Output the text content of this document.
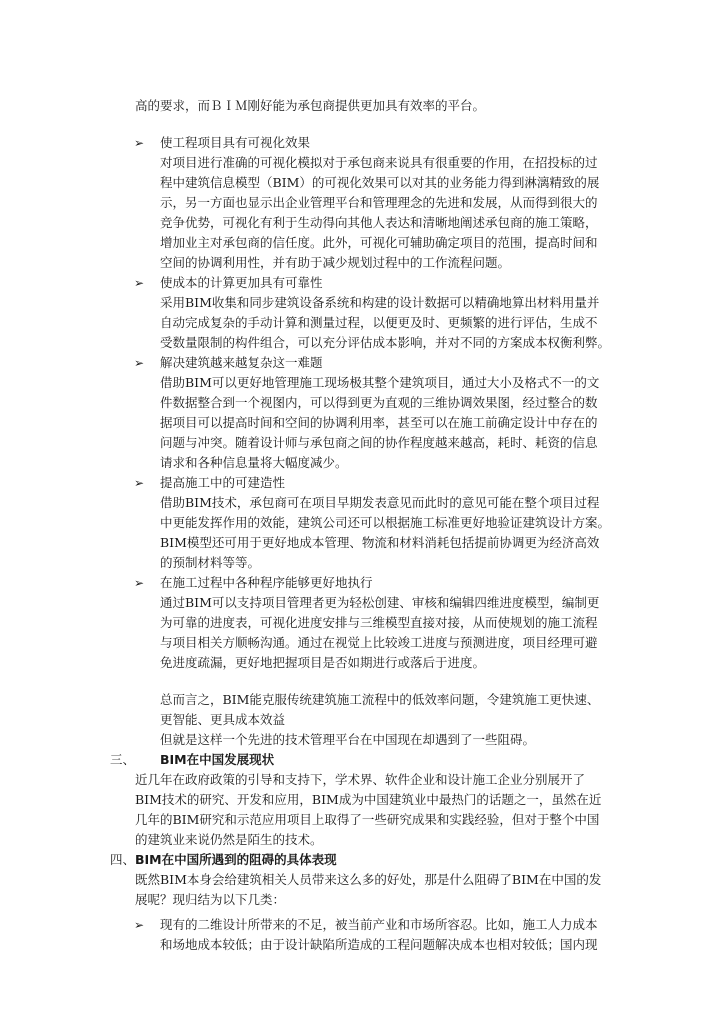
高的要求，而ＢＩＭ刚好能为承包商提供更加具有效率的平台。
➢	使工程项目具有可视化效果
对项目进行准确的可视化模拟对于承包商来说具有很重要的作用，在招投标的过
程中建筑信息模型（BIM）的可视化效果可以对其的业务能力得到淋漓精致的展
示，另一方面也显示出企业管理平台和管理理念的先进和发展，从而得到很大的
竞争优势，可视化有利于生动得向其他人表达和清晰地阐述承包商的施工策略，
增加业主对承包商的信任度。此外，可视化可辅助确定项目的范围，提高时间和
空间的协调利用性，并有助于减少规划过程中的工作流程问题。
➢	使成本的计算更加具有可靠性
采用BIM收集和同步建筑设备系统和构建的设计数据可以精确地算出材料用量并
自动完成复杂的手动计算和测量过程，以便更及时、更频繁的进行评估，生成不
受数量限制的构件组合，可以充分评估成本影响，并对不同的方案成本权衡利弊。
➢	解决建筑越来越复杂这一难题
借助BIM可以更好地管理施工现场极其整个建筑项目，通过大小及格式不一的文
件数据整合到一个视图内，可以得到更为直观的三维协调效果图，经过整合的数
据项目可以提高时间和空间的协调利用率，甚至可以在施工前确定设计中存在的
问题与冲突。随着设计师与承包商之间的协作程度越来越高，耗时、耗资的信息
请求和各种信息量将大幅度减少。
➢	提高施工中的可建造性
借助BIM技术，承包商可在项目早期发表意见而此时的意见可能在整个项目过程
中更能发挥作用的效能，建筑公司还可以根据施工标准更好地验证建筑设计方案。
BIM模型还可用于更好地成本管理、物流和材料消耗包括提前协调更为经济高效
的预制材料等等。
➢	在施工过程中各种程序能够更好地执行
通过BIM可以支持项目管理者更为轻松创建、审核和编辑四维进度模型，编制更
为可靠的进度表，可视化进度安排与三维模型直接对接，从而使规划的施工流程
与项目相关方顺畅沟通。通过在视觉上比较竣工进度与预测进度，项目经理可避
免进度疏漏，更好地把握项目是否如期进行或落后于进度。
总而言之，BIM能克服传统建筑施工流程中的低效率问题，令建筑施工更快速、
更智能、更具成本效益
但就是这样一个先进的技术管理平台在中国现在却遇到了一些阻碍。
三、 BIM在中国发展现状
近几年在政府政策的引导和支持下，学术界、软件企业和设计施工企业分别展开了
BIM技术的研究、开发和应用，BIM成为中国建筑业中最热门的话题之一，虽然在近
几年的BIM研究和示范应用项目上取得了一些研究成果和实践经验，但对于整个中国
的建筑业来说仍然是陌生的技术。
四、 BIM在中国所遇到的阻碍的具体表现
既然BIM本身会给建筑相关人员带来这么多的好处，那是什么阻碍了BIM在中国的发
展呢？现归结为以下几类：
➢	现有的二维设计所带来的不足，被当前产业和市场所容忍。比如，施工人力成本
和场地成本较低；由于设计缺陷所造成的工程问题解决成本也相对较低；国内现
